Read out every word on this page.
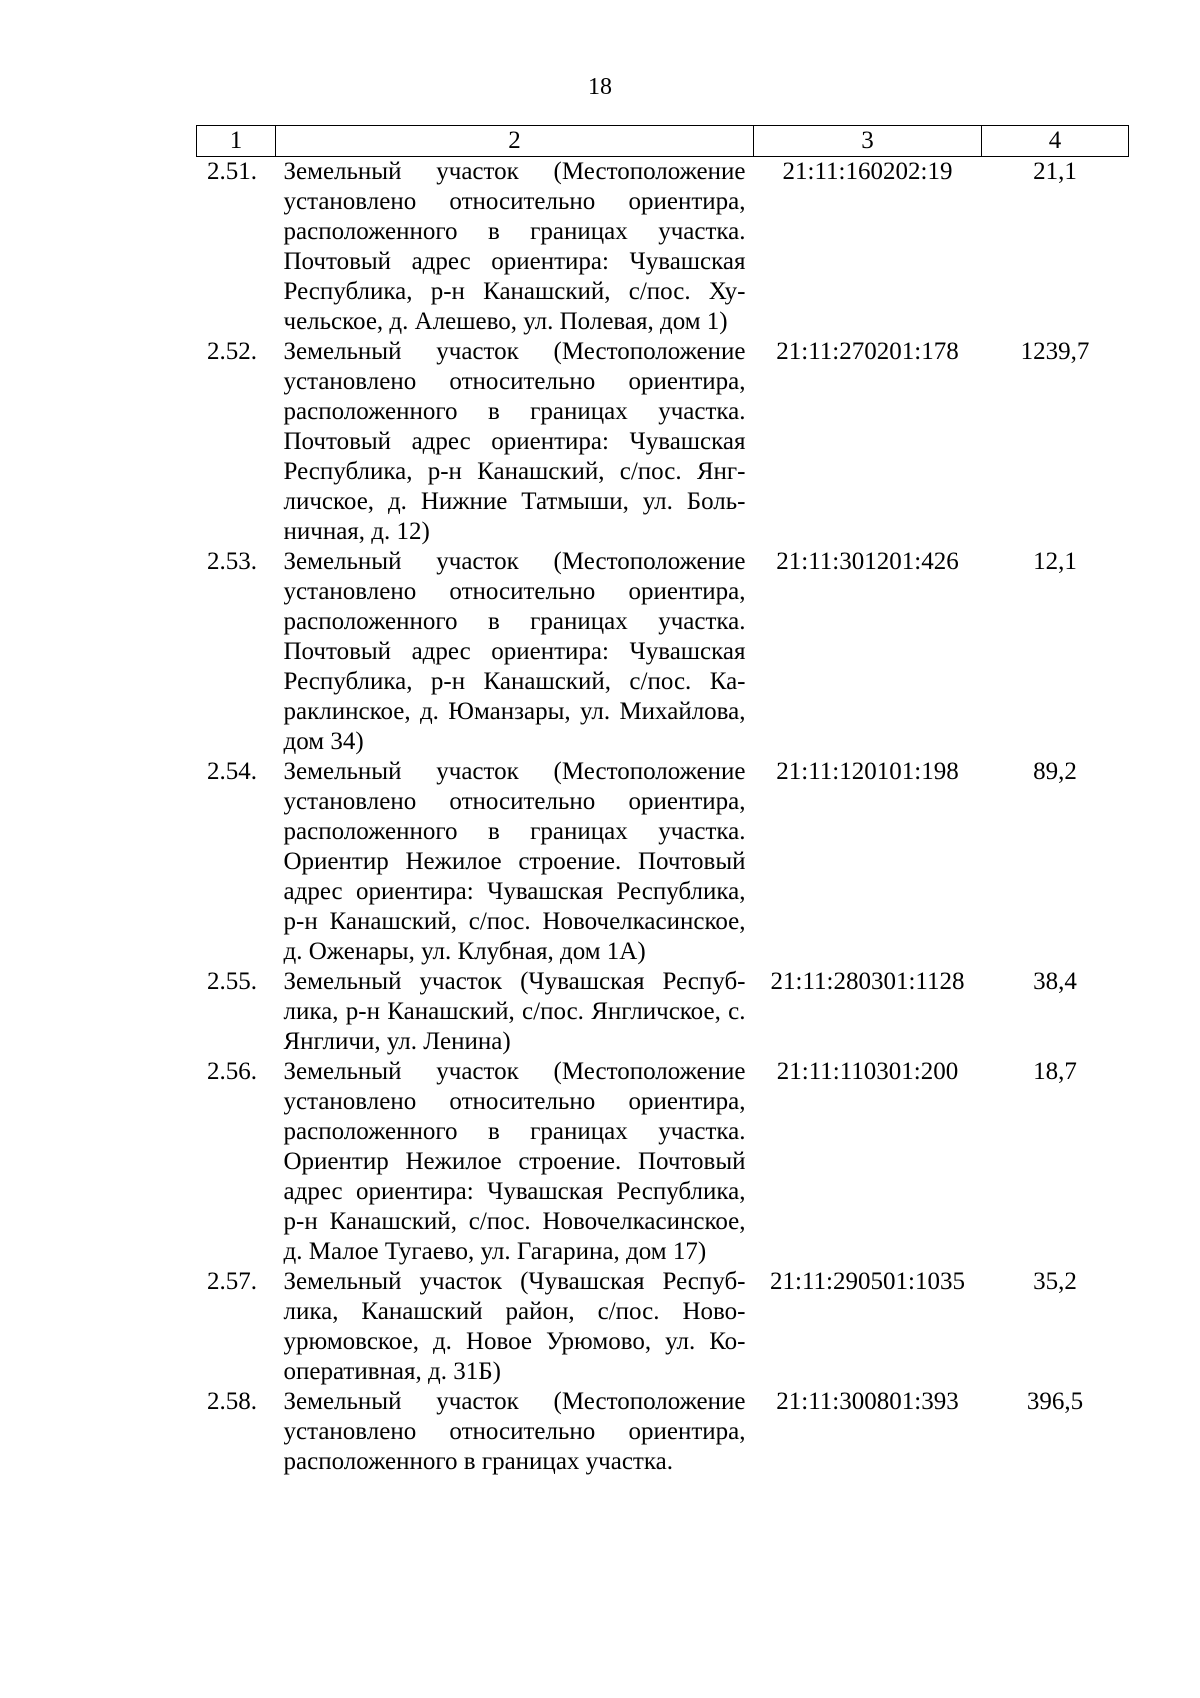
18
1	2	3	4
2.51.	Земельный участок (Местоположение установлено относительно ориентира, расположенного в границах участка. Почтовый адрес ориентира: Чувашская Республика, р-н Канашский, с/пос. Хучельское, д. Алешево, ул. Полевая, дом 1)	21:11:160202:19	21,1
2.52.	Земельный участок (Местоположение установлено относительно ориентира, расположенного в границах участка. Почтовый адрес ориентира: Чувашская Республика, р-н Канашский, с/пос. Янгличское, д. Нижние Татмыши, ул. Больничная, д. 12)	21:11:270201:178	1239,7
2.53.	Земельный участок (Местоположение установлено относительно ориентира, расположенного в границах участка. Почтовый адрес ориентира: Чувашская Республика, р-н Канашский, с/пос. Караклинское, д. Юманзары, ул. Михайлова, дом 34)	21:11:301201:426	12,1
2.54.	Земельный участок (Местоположение установлено относительно ориентира, расположенного в границах участка. Ориентир Нежилое строение. Почтовый адрес ориентира: Чувашская Республика, р-н Канашский, с/пос. Новочелкасинское, д. Оженары, ул. Клубная, дом 1А)	21:11:120101:198	89,2
2.55.	Земельный участок (Чувашская Республика, р-н Канашский, с/пос. Янгличское, с. Янгличи, ул. Ленина)	21:11:280301:1128	38,4
2.56.	Земельный участок (Местоположение установлено относительно ориентира, расположенного в границах участка. Ориентир Нежилое строение. Почтовый адрес ориентира: Чувашская Республика, р-н Канашский, с/пос. Новочелкасинское, д. Малое Тугаево, ул. Гагарина, дом 17)	21:11:110301:200	18,7
2.57.	Земельный участок (Чувашская Республика, Канашский район, с/пос. Новоурюмовское, д. Новое Урюмово, ул. Кооперативная, д. 31Б)	21:11:290501:1035	35,2
2.58.	Земельный участок (Местоположение установлено относительно ориентира, расположенного в границах участка.	21:11:300801:393	396,5
